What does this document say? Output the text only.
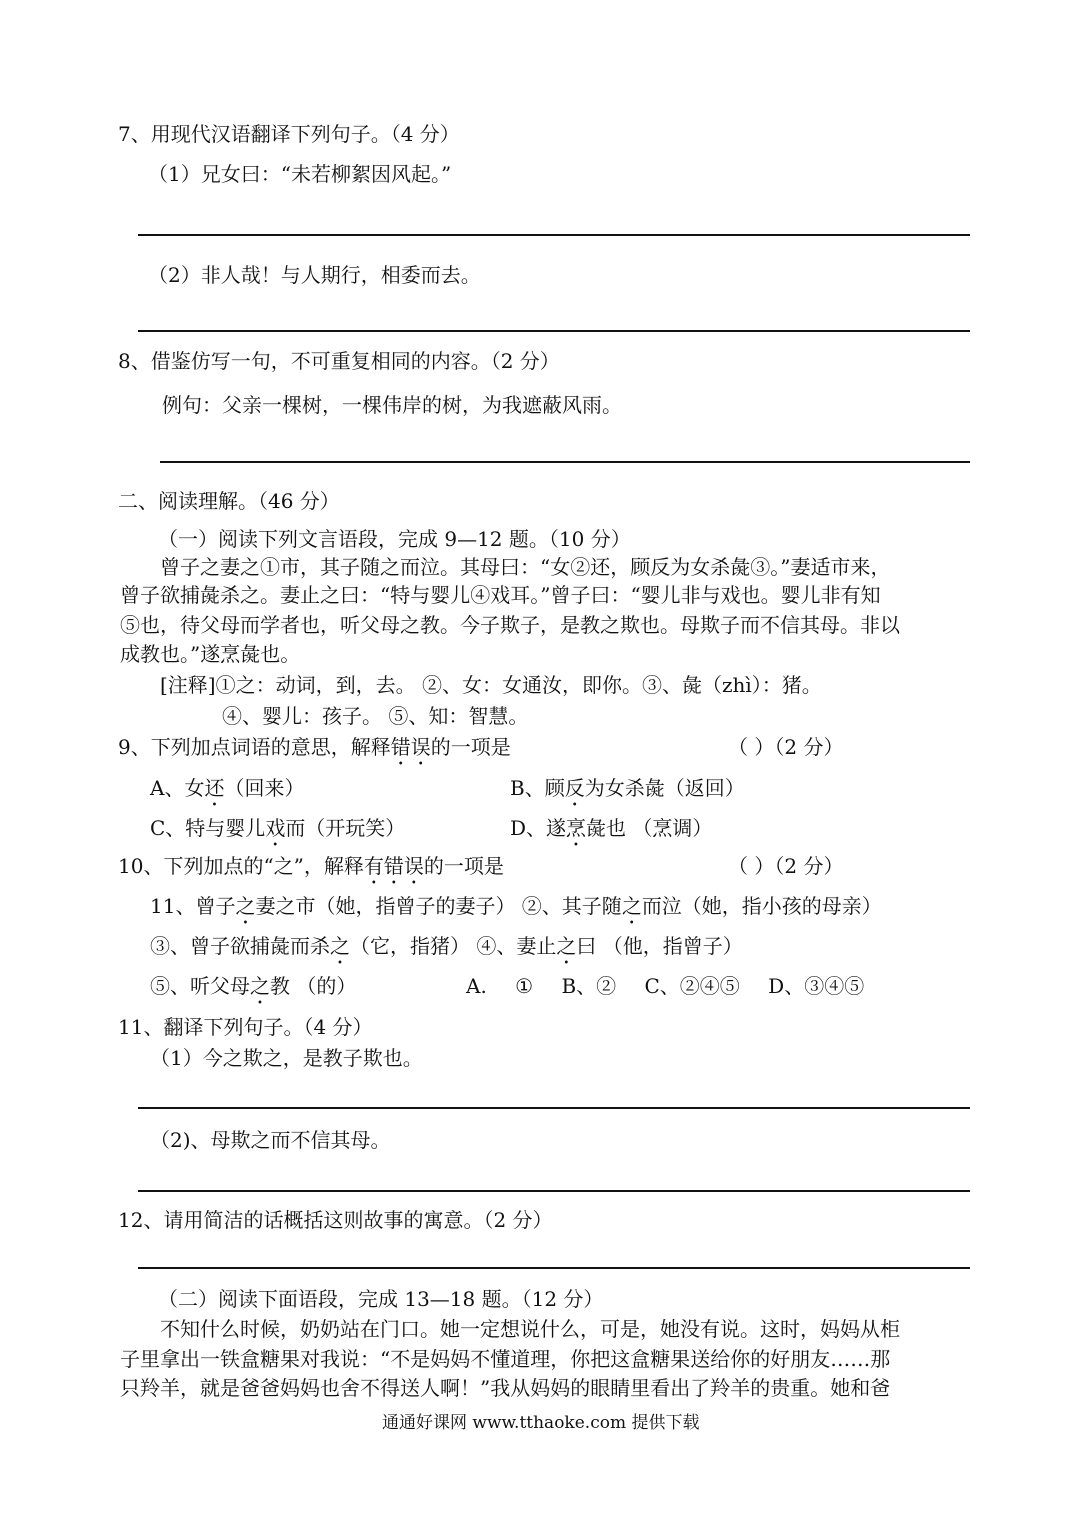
7、用现代汉语翻译下列句子。（4 分）
（1）兄女曰：“未若柳絮因风起。”
（2）非人哉！与人期行，相委而去。
8、借鉴仿写一句，不可重复相同的内容。（2 分）
例句：父亲一棵树，一棵伟岸的树，为我遮蔽风雨。
二、阅读理解。（46 分）
（一）阅读下列文言语段，完成 9—12 题。（10 分）
曾子之妻之①市，其子随之而泣。其母曰：“女②还，顾反为女杀彘③。”妻适市来，
曾子欲捕彘杀之。妻止之曰：“特与婴儿④戏耳。”曾子曰：“婴儿非与戏也。婴儿非有知
⑤也，待父母而学者也，听父母之教。今子欺子，是教之欺也。母欺子而不信其母。非以
成教也。”遂烹彘也。
[注释]①之：动词，到，去。 ②、女：女通汝，即你。③、彘（zhì）：猪。
④、婴儿：孩子。 ⑤、知：智慧。
9、下列加点词语的意思，解释错误的一项是	（ ）（2 分）
A、女还（回来）	B、顾反为女杀彘（返回）
C、特与婴儿戏而（开玩笑）	D、遂烹彘也 （烹调）
10、下列加点的“之”，解释有错误的一项是	（ ）（2 分）
11、曾子之妻之市（她，指曾子的妻子） ②、其子随之而泣（她，指小孩的母亲）
③、曾子欲捕彘而杀之（它，指猪） ④、妻止之曰 （他，指曾子）
⑤、听父母之教 （的）	A. ① B、② C、②④⑤ D、③④⑤
11、翻译下列句子。（4 分）
（1）今之欺之，是教子欺也。
（2)、母欺之而不信其母。
12、请用简洁的话概括这则故事的寓意。（2 分）
（二）阅读下面语段，完成 13—18 题。（12 分）
不知什么时候，奶奶站在门口。她一定想说什么，可是，她没有说。这时，妈妈从柜
子里拿出一铁盒糖果对我说：“不是妈妈不懂道理，你把这盒糖果送给你的好朋友……那
只羚羊，就是爸爸妈妈也舍不得送人啊！”我从妈妈的眼睛里看出了羚羊的贵重。她和爸
通通好课网 www.tthaoke.com 提供下载
